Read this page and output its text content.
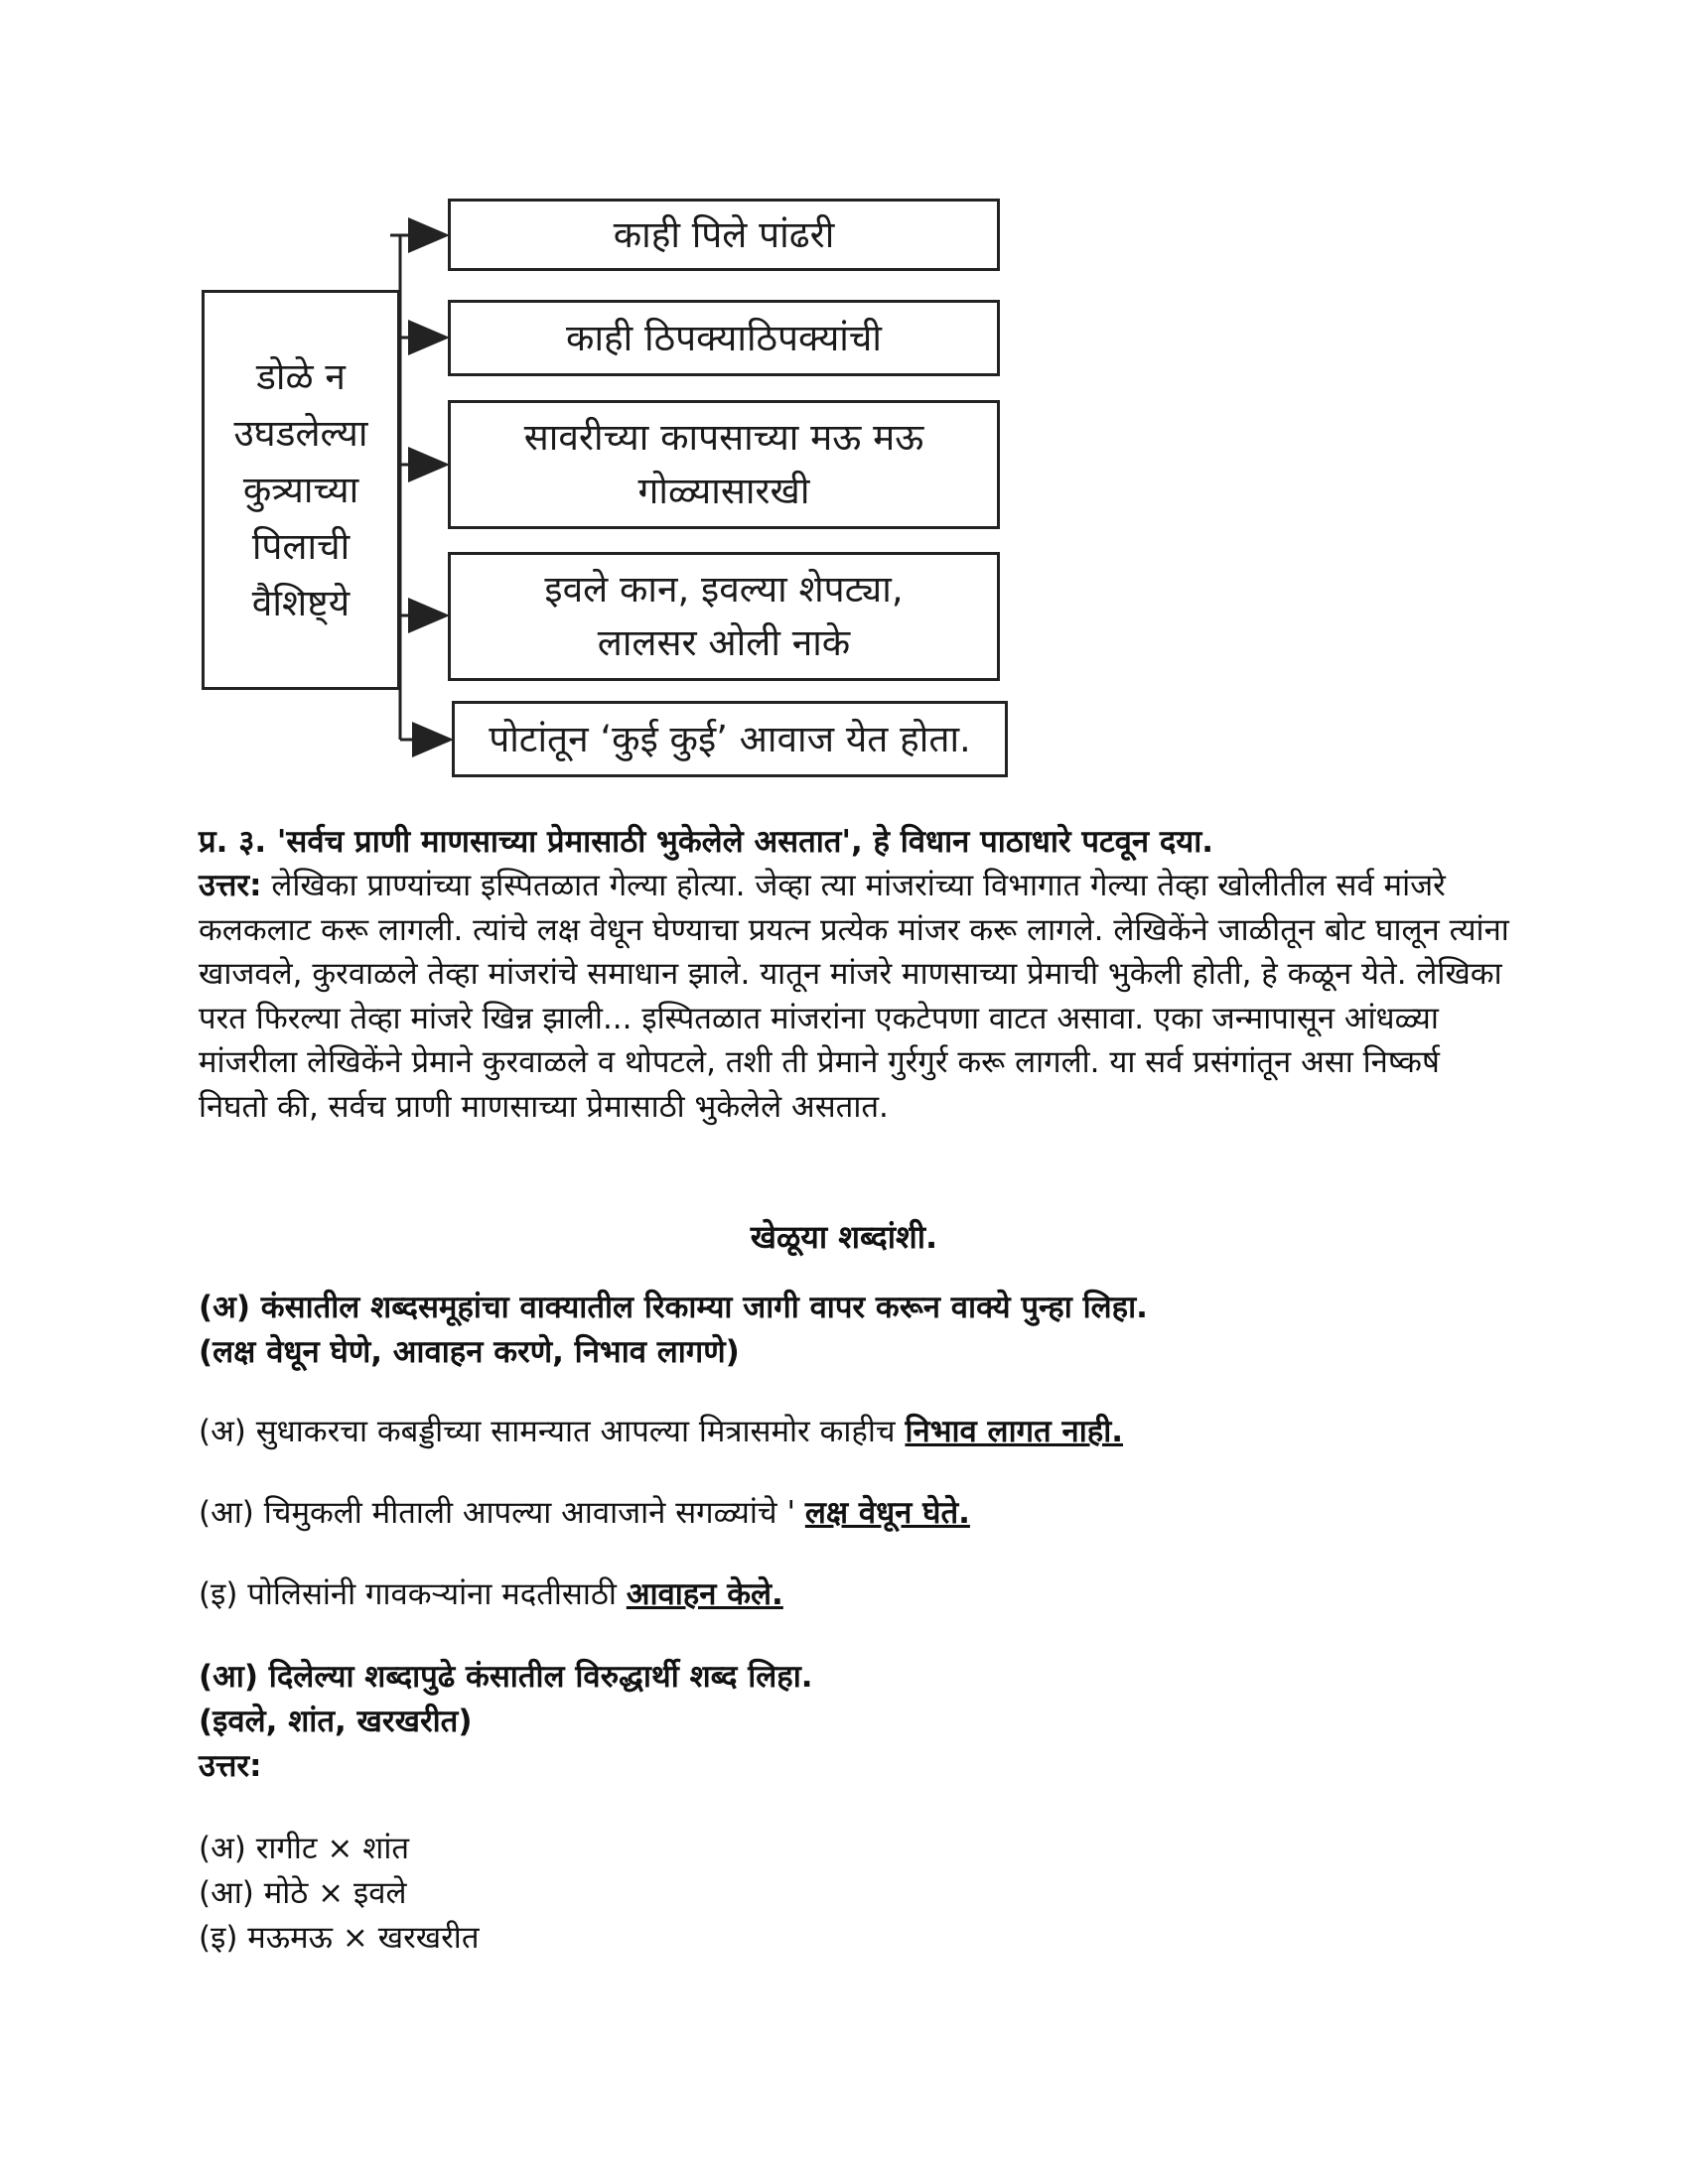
डोळे न
उघडलेल्या
कुत्र्याच्या
पिलाची
वैशिष्ट्ये
काही पिले पांढरी
काही ठिपक्याठिपक्यांची
सावरीच्या कापसाच्या मऊ मऊ
गोळ्यासारखी
इवले कान, इवल्या शेपट्या,
लालसर ओली नाके
पोटांतून ‘कुई कुई’ आवाज येत होता.
प्र. ३. 'सर्वच प्राणी माणसाच्या प्रेमासाठी भुकेलेले असतात', हे विधान पाठाधारे पटवून दया.
उत्तर: लेखिका प्राण्यांच्या इस्पितळात गेल्या होत्या. जेव्हा त्या मांजरांच्या विभागात गेल्या तेव्हा खोलीतील सर्व मांजरे कलकलाट करू लागली. त्यांचे लक्ष वेधून घेण्याचा प्रयत्न प्रत्येक मांजर करू लागले. लेखिकेंने जाळीतून बोट घालून त्यांना खाजवले, कुरवाळले तेव्हा मांजरांचे समाधान झाले. यातून मांजरे माणसाच्या प्रेमाची भुकेली होती, हे कळून येते. लेखिका परत फिरल्या तेव्हा मांजरे खिन्न झाली... इस्पितळात मांजरांना एकटेपणा वाटत असावा. एका जन्मापासून आंधळ्या मांजरीला लेखिकेंने प्रेमाने कुरवाळले व थोपटले, तशी ती प्रेमाने गुर्रगुर्र करू लागली. या सर्व प्रसंगांतून असा निष्कर्ष निघतो की, सर्वच प्राणी माणसाच्या प्रेमासाठी भुकेलेले असतात.
खेळूया शब्दांशी.
(अ) कंसातील शब्दसमूहांचा वाक्यातील रिकाम्या जागी वापर करून वाक्ये पुन्हा लिहा.
(लक्ष वेधून घेणे, आवाहन करणे, निभाव लागणे)
(अ) सुधाकरचा कबड्डीच्या सामन्यात आपल्या मित्रासमोर काहीच निभाव लागत नाही.
(आ) चिमुकली मीताली आपल्या आवाजाने सगळ्यांचे ' लक्ष वेधून घेते.
(इ) पोलिसांनी गावकऱ्यांना मदतीसाठी आवाहन केले.
(आ) दिलेल्या शब्दापुढे कंसातील विरुद्धार्थी शब्द लिहा.
(इवले, शांत, खरखरीत)
उत्तर:
(अ) रागीट × शांत
(आ) मोठे × इवले
(इ) मऊमऊ × खरखरीत
